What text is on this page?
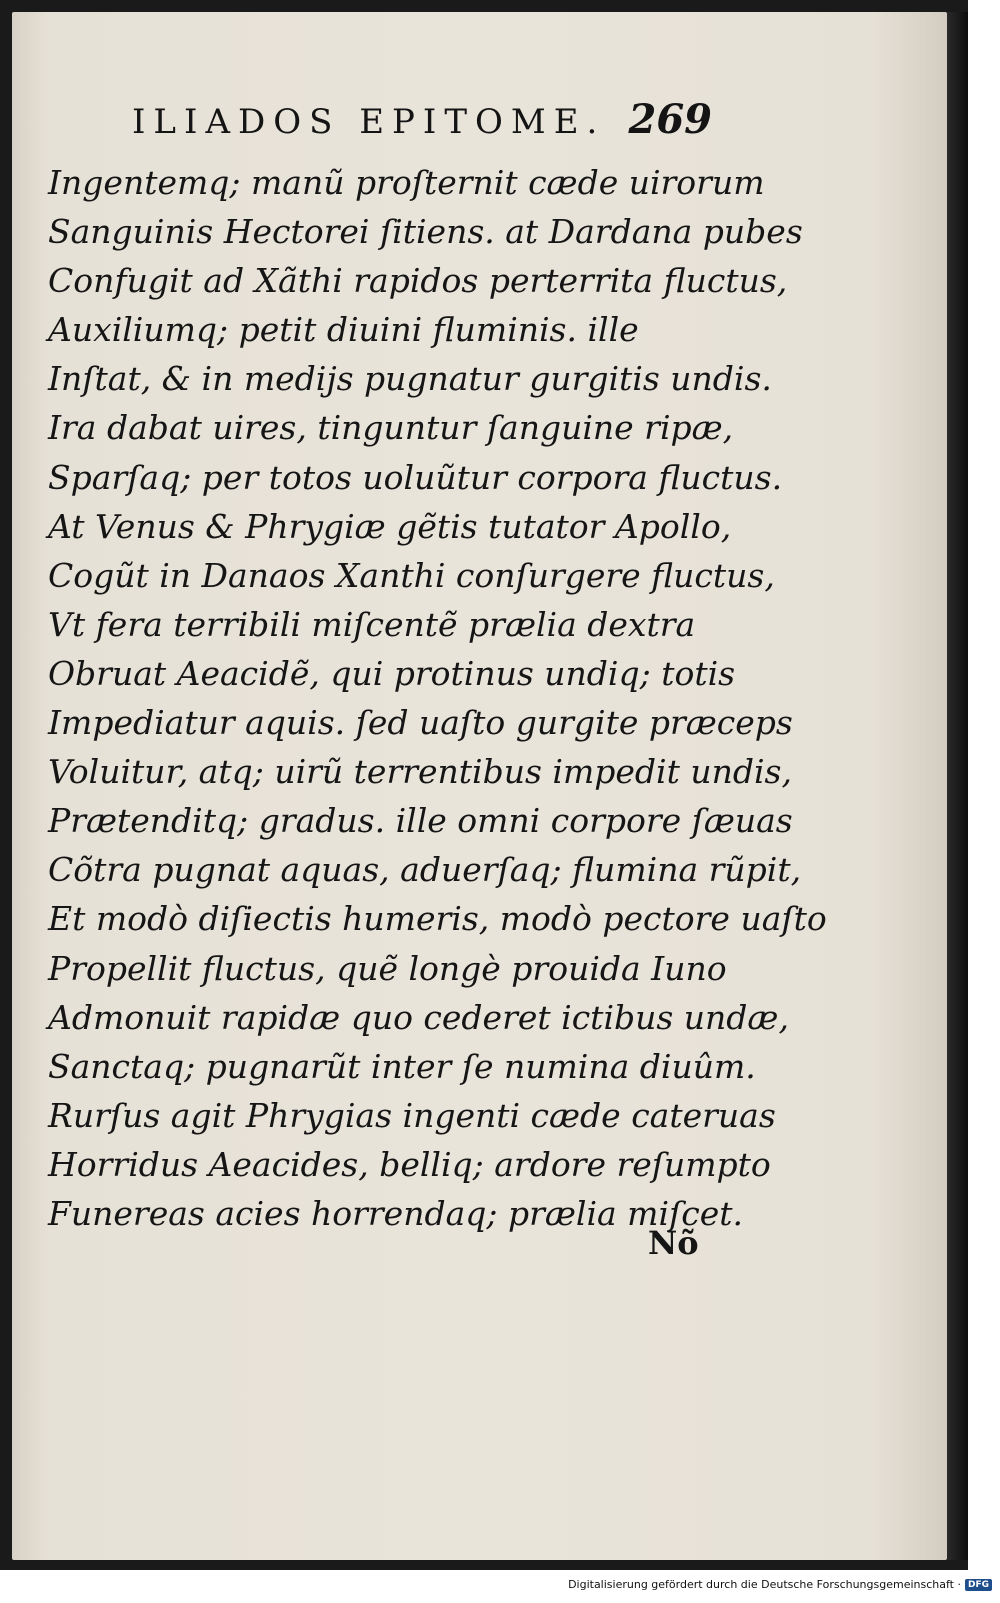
ILIADOS EPITOME. 269
Ingentemq; manũ proſternit cæde uirorum
Sanguinis Hectorei ſitiens. at Dardana pubes
Confugit ad Xãthi rapidos perterrita fluctus,
Auxiliumq; petit diuini fluminis. ille
Inſtat, & in medijs pugnatur gurgitis undis.
Ira dabat uires, tinguntur ſanguine ripæ,
Sparſaq; per totos uoluũtur corpora fluctus.
At Venus & Phrygiæ gẽtis tutator Apollo,
Cogũt in Danaos Xanthi conſurgere fluctus,
Vt fera terribili miſcentẽ prælia dextra
Obruat Aeacidẽ, qui protinus undiq; totis
Impediatur aquis. ſed uaſto gurgite præceps
Voluitur, atq; uirũ terrentibus impedit undis,
Prætenditq; gradus. ille omni corpore ſæuas
Cõtra pugnat aquas, aduerſaq; flumina rũpit,
Et modò diſiectis humeris, modò pectore uaſto
Propellit fluctus, quẽ longè prouida Iuno
Admonuit rapidæ quo cederet ictibus undæ,
Sanctaq; pugnarũt inter ſe numina diuûm.
Rurſus agit Phrygias ingenti cæde cateruas
Horridus Aeacides, belliq; ardore reſumpto
Funereas acies horrendaq; prælia miſcet.
Nõ
Digitalisierung gefördert durch die Deutsche Forschungsgemeinschaft · DFG
